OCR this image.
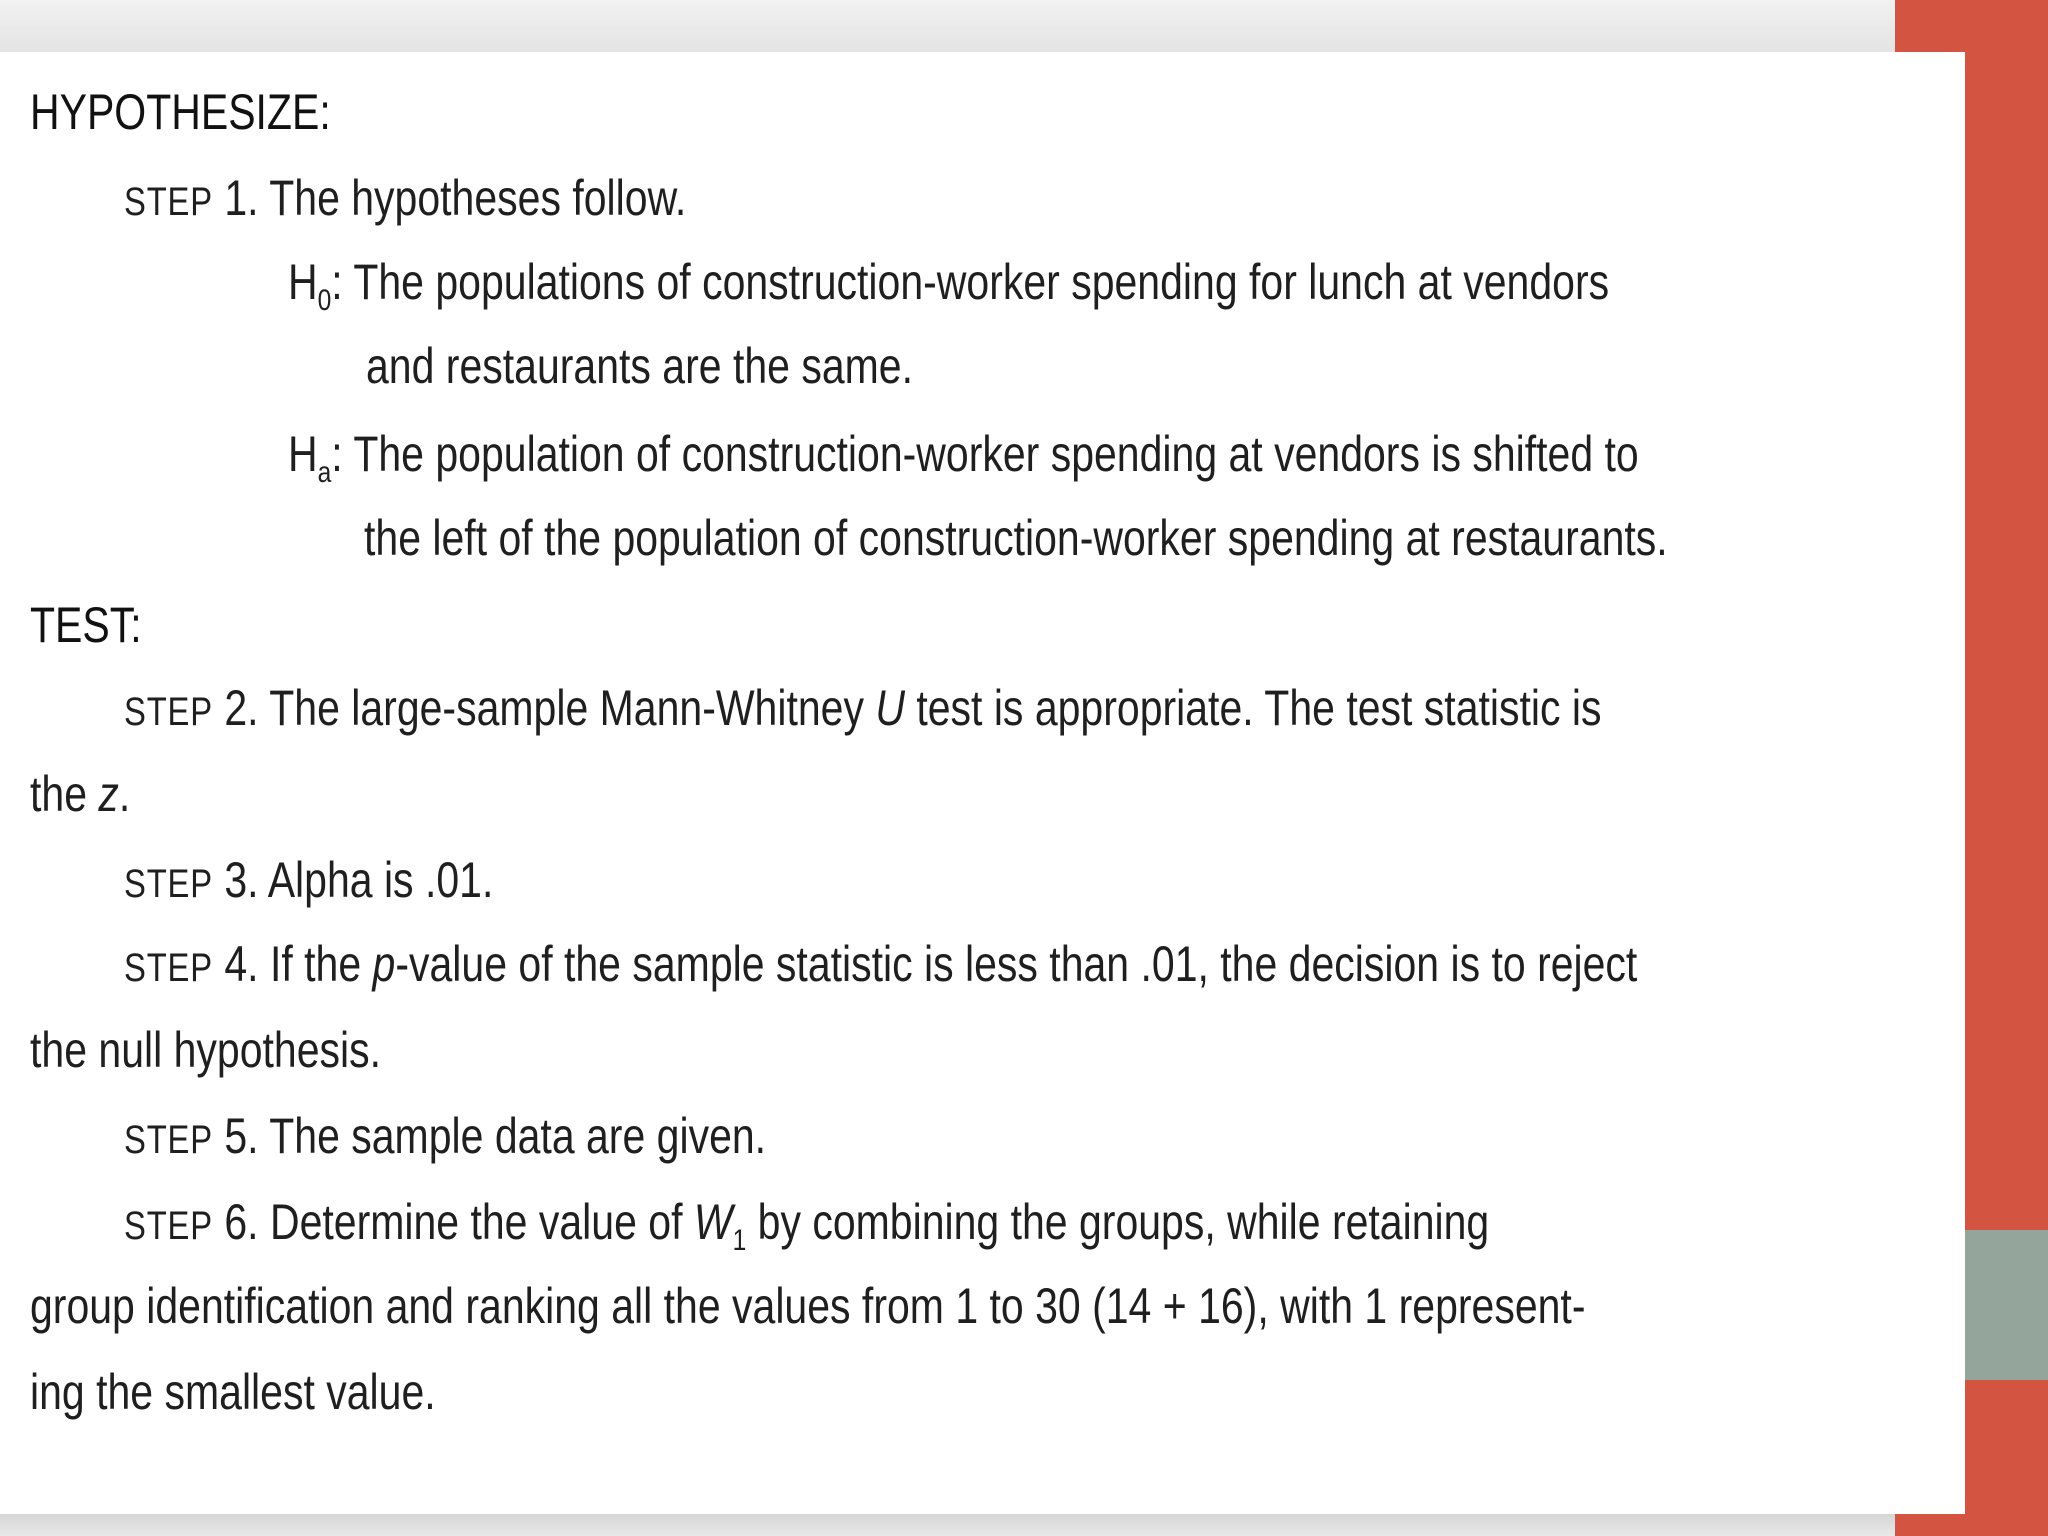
HYPOTHESIZE:

STEP 1. The hypotheses follow.

$H_0$: The populations of construction-worker spending for lunch at vendors

and restaurants are the same.

$H_a$: The population of construction-worker spending at vendors is shifted to

the left of the population of construction-worker spending at restaurants.

TEST:

STEP 2. The large-sample Mann-Whitney U test is appropriate. The test statistic is

the z.

STEP 3. Alpha is .01.

STEP 4. If the p-value of the sample statistic is less than .01, the decision is to reject

the null hypothesis.

STEP 5. The sample data are given.

STEP 6. Determine the value of $W_1$ by combining the groups, while retaining

group identification and ranking all the values from 1 to 30 (14 + 16), with 1 represent-

ing the smallest value.
